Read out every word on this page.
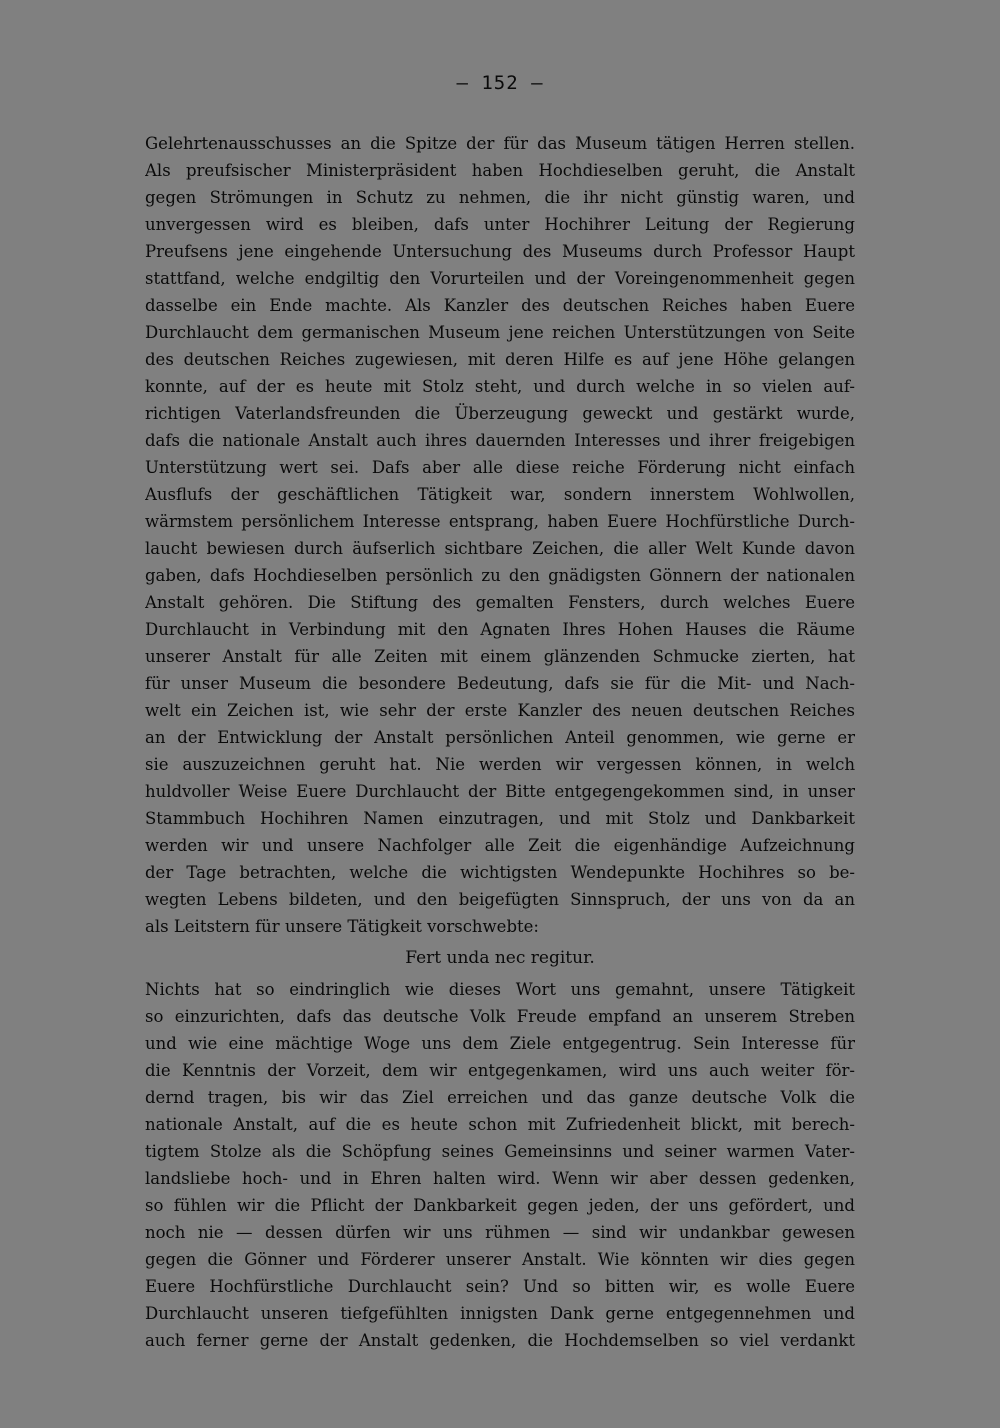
— 152 —
Gelehrtenausschusses an die Spitze der für das Museum tätigen Herren stellen.
Als preufsischer Ministerpräsident haben Hochdieselben geruht, die Anstalt
gegen Strömungen in Schutz zu nehmen, die ihr nicht günstig waren, und
unvergessen wird es bleiben, dafs unter Hochihrer Leitung der Regierung
Preufsens jene eingehende Untersuchung des Museums durch Professor Haupt
stattfand, welche endgiltig den Vorurteilen und der Voreingenommenheit gegen
dasselbe ein Ende machte. Als Kanzler des deutschen Reiches haben Euere
Durchlaucht dem germanischen Museum jene reichen Unterstützungen von Seite
des deutschen Reiches zugewiesen, mit deren Hilfe es auf jene Höhe gelangen
konnte, auf der es heute mit Stolz steht, und durch welche in so vielen auf-
richtigen Vaterlandsfreunden die Überzeugung geweckt und gestärkt wurde,
dafs die nationale Anstalt auch ihres dauernden Interesses und ihrer freigebigen
Unterstützung wert sei. Dafs aber alle diese reiche Förderung nicht einfach
Ausflufs der geschäftlichen Tätigkeit war, sondern innerstem Wohlwollen,
wärmstem persönlichem Interesse entsprang, haben Euere Hochfürstliche Durch-
laucht bewiesen durch äufserlich sichtbare Zeichen, die aller Welt Kunde davon
gaben, dafs Hochdieselben persönlich zu den gnädigsten Gönnern der nationalen
Anstalt gehören. Die Stiftung des gemalten Fensters, durch welches Euere
Durchlaucht in Verbindung mit den Agnaten Ihres Hohen Hauses die Räume
unserer Anstalt für alle Zeiten mit einem glänzenden Schmucke zierten, hat
für unser Museum die besondere Bedeutung, dafs sie für die Mit- und Nach-
welt ein Zeichen ist, wie sehr der erste Kanzler des neuen deutschen Reiches
an der Entwicklung der Anstalt persönlichen Anteil genommen, wie gerne er
sie auszuzeichnen geruht hat. Nie werden wir vergessen können, in welch
huldvoller Weise Euere Durchlaucht der Bitte entgegengekommen sind, in unser
Stammbuch Hochihren Namen einzutragen, und mit Stolz und Dankbarkeit
werden wir und unsere Nachfolger alle Zeit die eigenhändige Aufzeichnung
der Tage betrachten, welche die wichtigsten Wendepunkte Hochihres so be-
wegten Lebens bildeten, und den beigefügten Sinnspruch, der uns von da an
als Leitstern für unsere Tätigkeit vorschwebte:
Fert unda nec regitur.
Nichts hat so eindringlich wie dieses Wort uns gemahnt, unsere Tätigkeit
so einzurichten, dafs das deutsche Volk Freude empfand an unserem Streben
und wie eine mächtige Woge uns dem Ziele entgegentrug. Sein Interesse für
die Kenntnis der Vorzeit, dem wir entgegenkamen, wird uns auch weiter för-
dernd tragen, bis wir das Ziel erreichen und das ganze deutsche Volk die
nationale Anstalt, auf die es heute schon mit Zufriedenheit blickt, mit berech-
tigtem Stolze als die Schöpfung seines Gemeinsinns und seiner warmen Vater-
landsliebe hoch- und in Ehren halten wird. Wenn wir aber dessen gedenken,
so fühlen wir die Pflicht der Dankbarkeit gegen jeden, der uns gefördert, und
noch nie — dessen dürfen wir uns rühmen — sind wir undankbar gewesen
gegen die Gönner und Förderer unserer Anstalt. Wie könnten wir dies gegen
Euere Hochfürstliche Durchlaucht sein? Und so bitten wir, es wolle Euere
Durchlaucht unseren tiefgefühlten innigsten Dank gerne entgegennehmen und
auch ferner gerne der Anstalt gedenken, die Hochdemselben so viel verdankt
